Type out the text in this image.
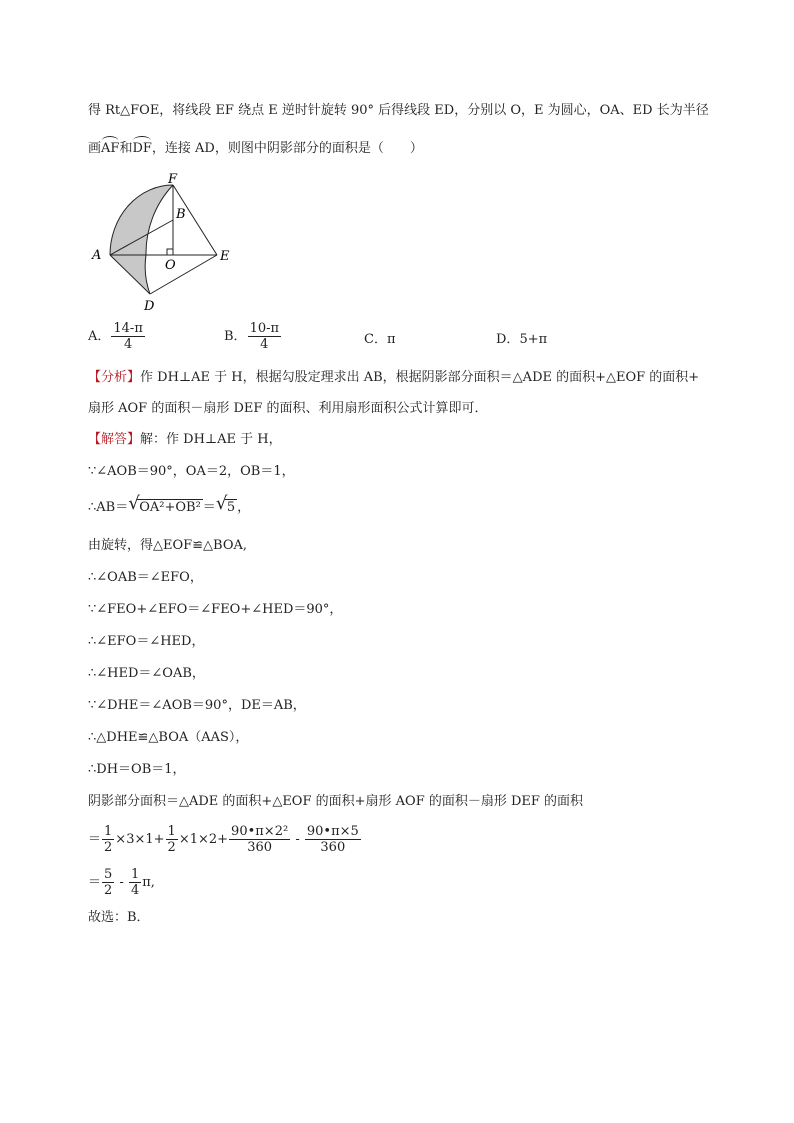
得 Rt△FOE，将线段 EF 绕点 E 逆时针旋转 90° 后得线段 ED，分别以 O，E 为圆心，OA、ED 长为半径
画AF和DF，连接 AD，则图中阴影部分的面积是（　　）
F
B
A
O
E
D
A． $\frac{14-\pi}{4}$	B． $\frac{10-\pi}{4}$	C．π	D．5+π
【分析】作 DH⊥AE 于 H，根据勾股定理求出 AB，根据阴影部分面积＝△ADE 的面积+△EOF 的面积+
扇形 AOF 的面积－扇形 DEF 的面积、利用扇形面积公式计算即可．
【解答】解：作 DH⊥AE 于 H，
∵∠AOB＝90°，OA＝2，OB＝1，
∴AB＝ √ OA²+OB² ＝ √ 5 ，
由旋转，得△EOF≌△BOA,
∴∠OAB＝∠EFO，
∵∠FEO+∠EFO＝∠FEO+∠HED＝90°，
∴∠EFO＝∠HED，
∴∠HED＝∠OAB，
∵∠DHE＝∠AOB＝90°，DE＝AB，
∴△DHE≌△BOA（AAS），
∴DH＝OB＝1，
阴影部分面积＝△ADE 的面积+△EOF 的面积+扇形 AOF 的面积－扇形 DEF 的面积
＝ $\frac{1}{2} \times 3\times 1+ \frac{1}{2} \times 1\times 2+ \frac{\text{90•π×2²}}{360} - \frac{90•\pi\times 5}{360}$
＝ $\frac{5}{2} - \frac{1}{4} \pi$,
故选：B．
